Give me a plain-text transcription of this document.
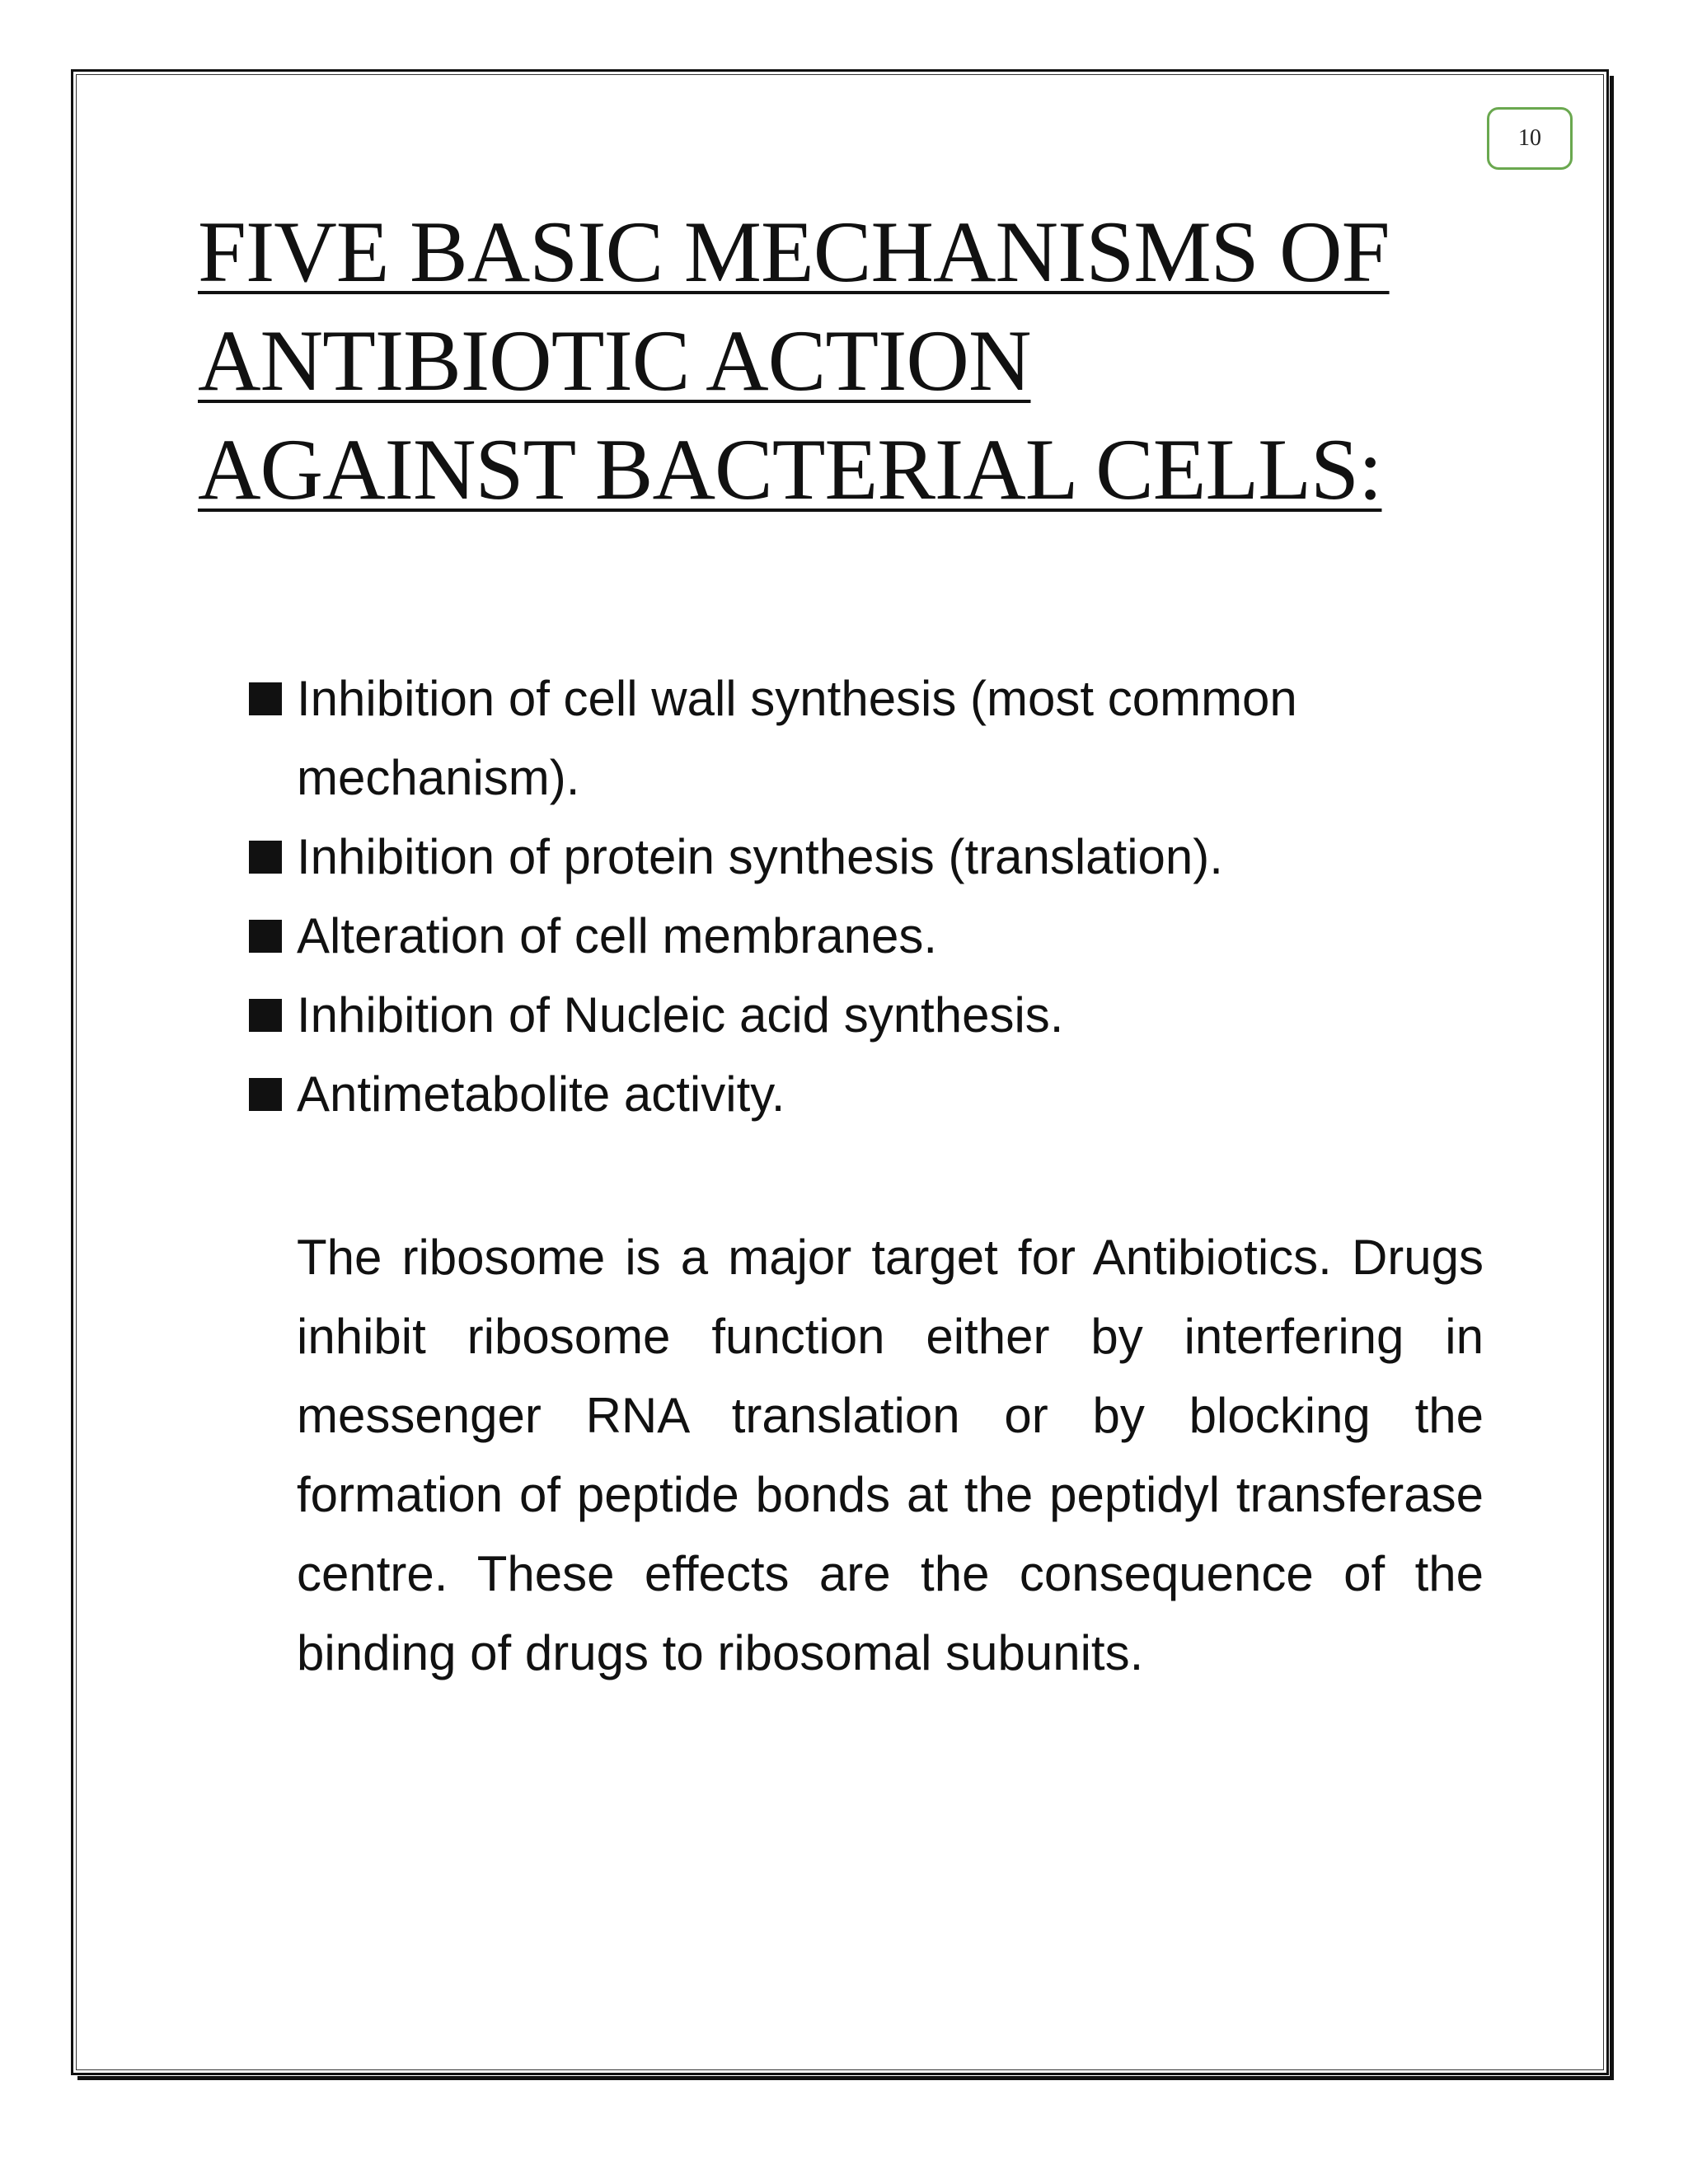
10
FIVE BASIC MECHANISMS OF
ANTIBIOTIC ACTION
AGAINST BACTERIAL CELLS:
Inhibition of cell wall synthesis (most common mechanism).
Inhibition of protein synthesis (translation).
Alteration of cell membranes.
Inhibition of Nucleic acid synthesis.
Antimetabolite activity.

The ribosome is a major target for Antibiotics. Drugs inhibit ribosome function either by interfering in messenger RNA translation or by blocking the formation of peptide bonds at the peptidyl transferase centre. These effects are the consequence of the binding of drugs to ribosomal subunits.
